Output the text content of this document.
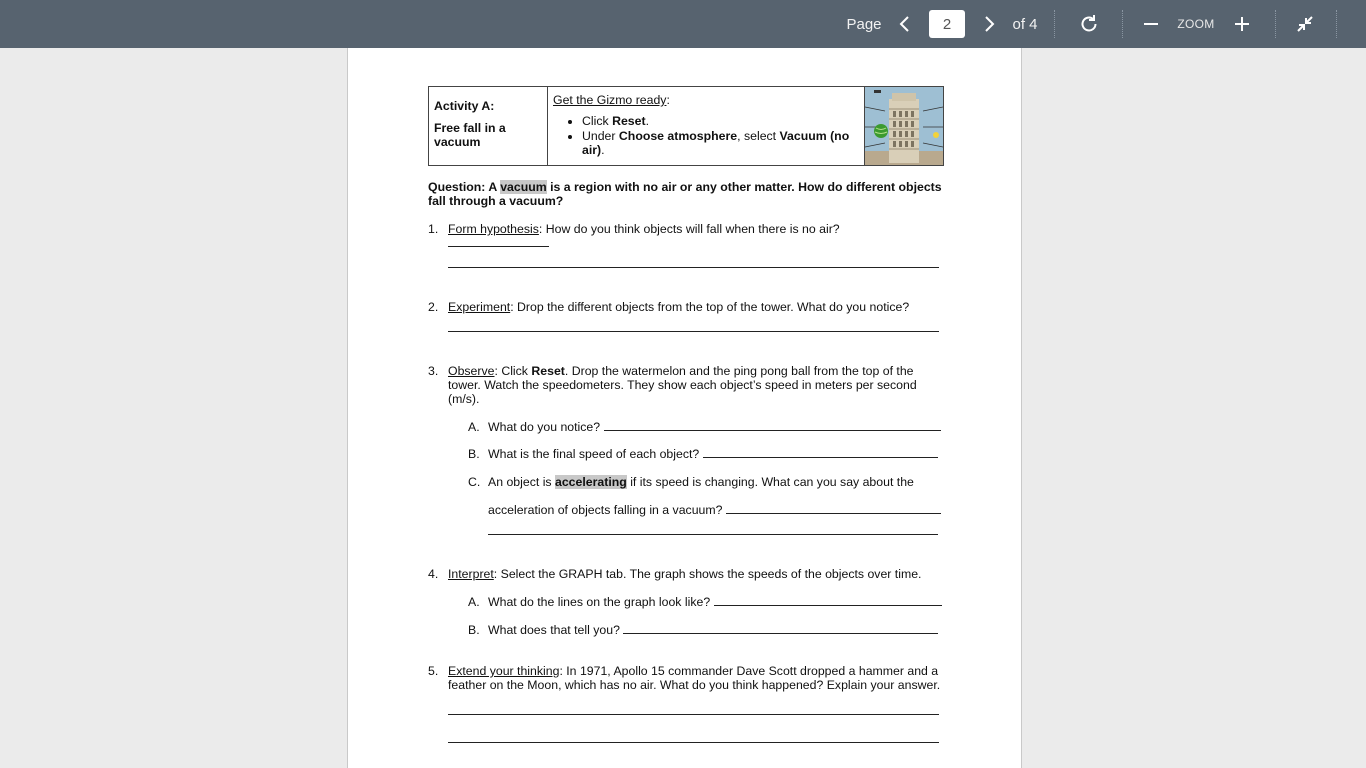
Page	2	of 4	ZOOM
Activity A:
Free fall in a vacuum
Get the Gizmo ready:
• Click Reset.
• Under Choose atmosphere, select Vacuum (no air).
Question: A vacuum is a region with no air or any other matter. How do different objects fall through a vacuum?
1. Form hypothesis: How do you think objects will fall when there is no air?
2. Experiment: Drop the different objects from the top of the tower. What do you notice?
3. Observe: Click Reset. Drop the watermelon and the ping pong ball from the top of the tower. Watch the speedometers. They show each object’s speed in meters per second (m/s).
A. What do you notice?
B. What is the final speed of each object?
C. An object is accelerating if its speed is changing. What can you say about the
acceleration of objects falling in a vacuum?
4. Interpret: Select the GRAPH tab. The graph shows the speeds of the objects over time.
A. What do the lines on the graph look like?
B. What does that tell you?
5. Extend your thinking: In 1971, Apollo 15 commander Dave Scott dropped a hammer and a feather on the Moon, which has no air. What do you think happened? Explain your answer.
